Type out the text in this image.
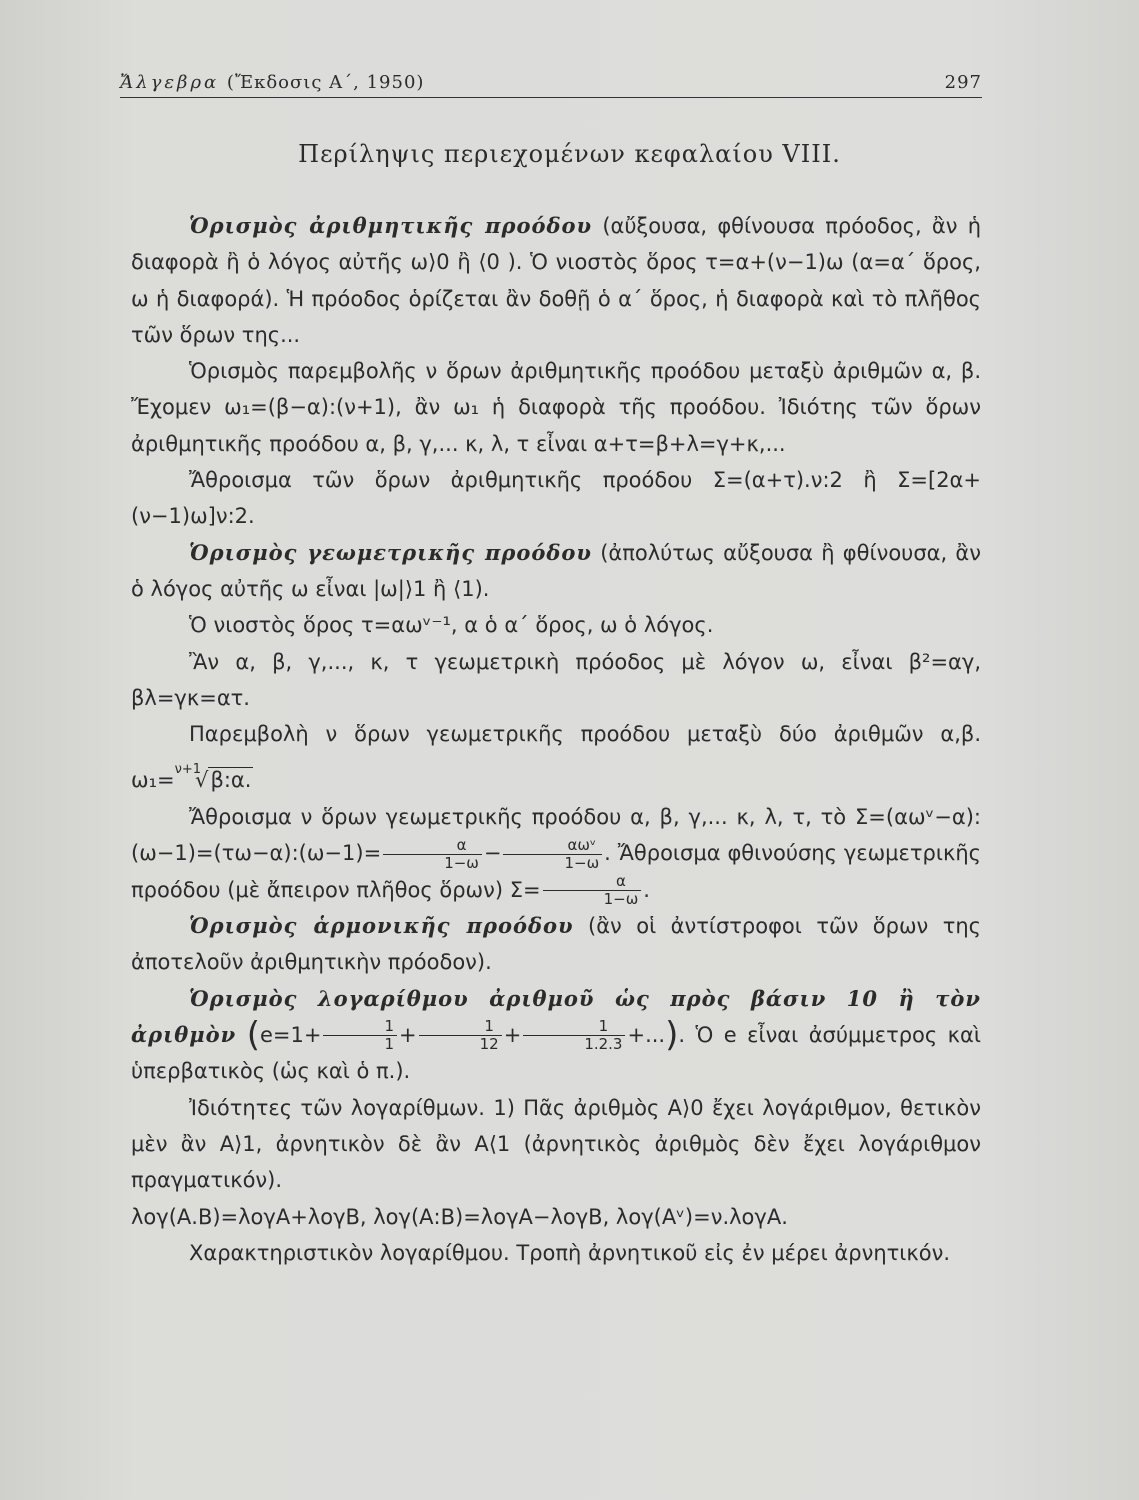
Ἄλγεβρα (Ἔκδοσις Α΄, 1950)	297
Περίληψις περιεχομένων κεφαλαίου VIII.

Ὁρισμὸς ἀριθμητικῆς προόδου (αὔξουσα, φθίνουσα πρόοδος, ἂν ἡ διαφορὰ ἢ ὁ λόγος αὐτῆς ω⟩0 ἢ ⟨0 ). Ὁ νιοστὸς ὅρος τ=α+(ν−1)ω (α=α΄ ὅρος, ω ἡ διαφορά). Ἡ πρόοδος ὁρίζεται ἂν δοθῇ ὁ α΄ ὅρος, ἡ διαφορὰ καὶ τὸ πλῆθος τῶν ὅρων της...

Ὁρισμὸς παρεμβολῆς ν ὅρων ἀριθμητικῆς προόδου μεταξὺ ἀριθμῶν α, β. Ἔχομεν ω₁=(β−α):(ν+1), ἂν ω₁ ἡ διαφορὰ τῆς προόδου. Ἰδιότης τῶν ὅρων ἀριθμητικῆς προόδου α, β, γ,... κ, λ, τ εἶναι α+τ=β+λ=γ+κ,...

Ἄθροισμα τῶν ὅρων ἀριθμητικῆς προόδου Σ=(α+τ).ν:2 ἢ Σ=[2α+(ν−1)ω]ν:2.

Ὁρισμὸς γεωμετρικῆς προόδου (ἀπολύτως αὔξουσα ἢ φθίνουσα, ἂν ὁ λόγος αὐτῆς ω εἶναι |ω|⟩1 ἢ ⟨1).

Ὁ νιοστὸς ὅρος τ=αωᵛ⁻¹, α ὁ α΄ ὅρος, ω ὁ λόγος.

Ἂν α, β, γ,..., κ, τ γεωμετρικὴ πρόοδος μὲ λόγον ω, εἶναι β²=αγ, βλ=γκ=ατ.

Παρεμβολὴ ν ὅρων γεωμετρικῆς προόδου μεταξὺ δύο ἀριθμῶν α,β. ω₁=$^{\nu+1}$√β:α.

Ἄθροισμα ν ὅρων γεωμετρικῆς προόδου α, β, γ,... κ, λ, τ, τὸ Σ=(αωᵛ−α):(ω−1)=(τω−α):(ω−1)= $\frac{\alpha}{1-\omega} - \frac{\text{αωᵛ}}{1-\omega}$ . Ἄθροισμα φθινούσης γεωμετρικῆς προόδου (μὲ ἄπειρον πλῆθος ὅρων) $\Sigma= \frac{\alpha}{1-\omega}$ .

Ὁρισμὸς ἁρμονικῆς προόδου (ἂν οἱ ἀντίστροφοι τῶν ὅρων της ἀποτελοῦν ἀριθμητικὴν πρόοδον).

Ὁρισμὸς λογαρίθμου ἀριθμοῦ ὡς πρὸς βάσιν 10 ἢ τὸν ἀριθμὸν ($e=1+ \frac{1}{1} + \frac{1}{12} + \frac{1}{1.2.3}$ +...). Ὁ e εἶναι ἀσύμμετρος καὶ ὑπερβατικὸς (ὡς καὶ ὁ π.).

Ἰδιότητες τῶν λογαρίθμων. 1) Πᾶς ἀριθμὸς Α⟩0 ἔχει λογάριθμον, θετικὸν μὲν ἂν Α⟩1, ἀρνητικὸν δὲ ἂν Α⟨1 (ἀρνητικὸς ἀριθμὸς δὲν ἔχει λογάριθμον πραγματικόν).

λογ(Α.Β)=λογΑ+λογΒ, λογ(Α:Β)=λογΑ−λογΒ, λογ(Αᵛ)=ν.λογΑ.

Χαρακτηριστικὸν λογαρίθμου. Τροπὴ ἀρνητικοῦ εἰς ἐν μέρει ἀρνητικόν.
